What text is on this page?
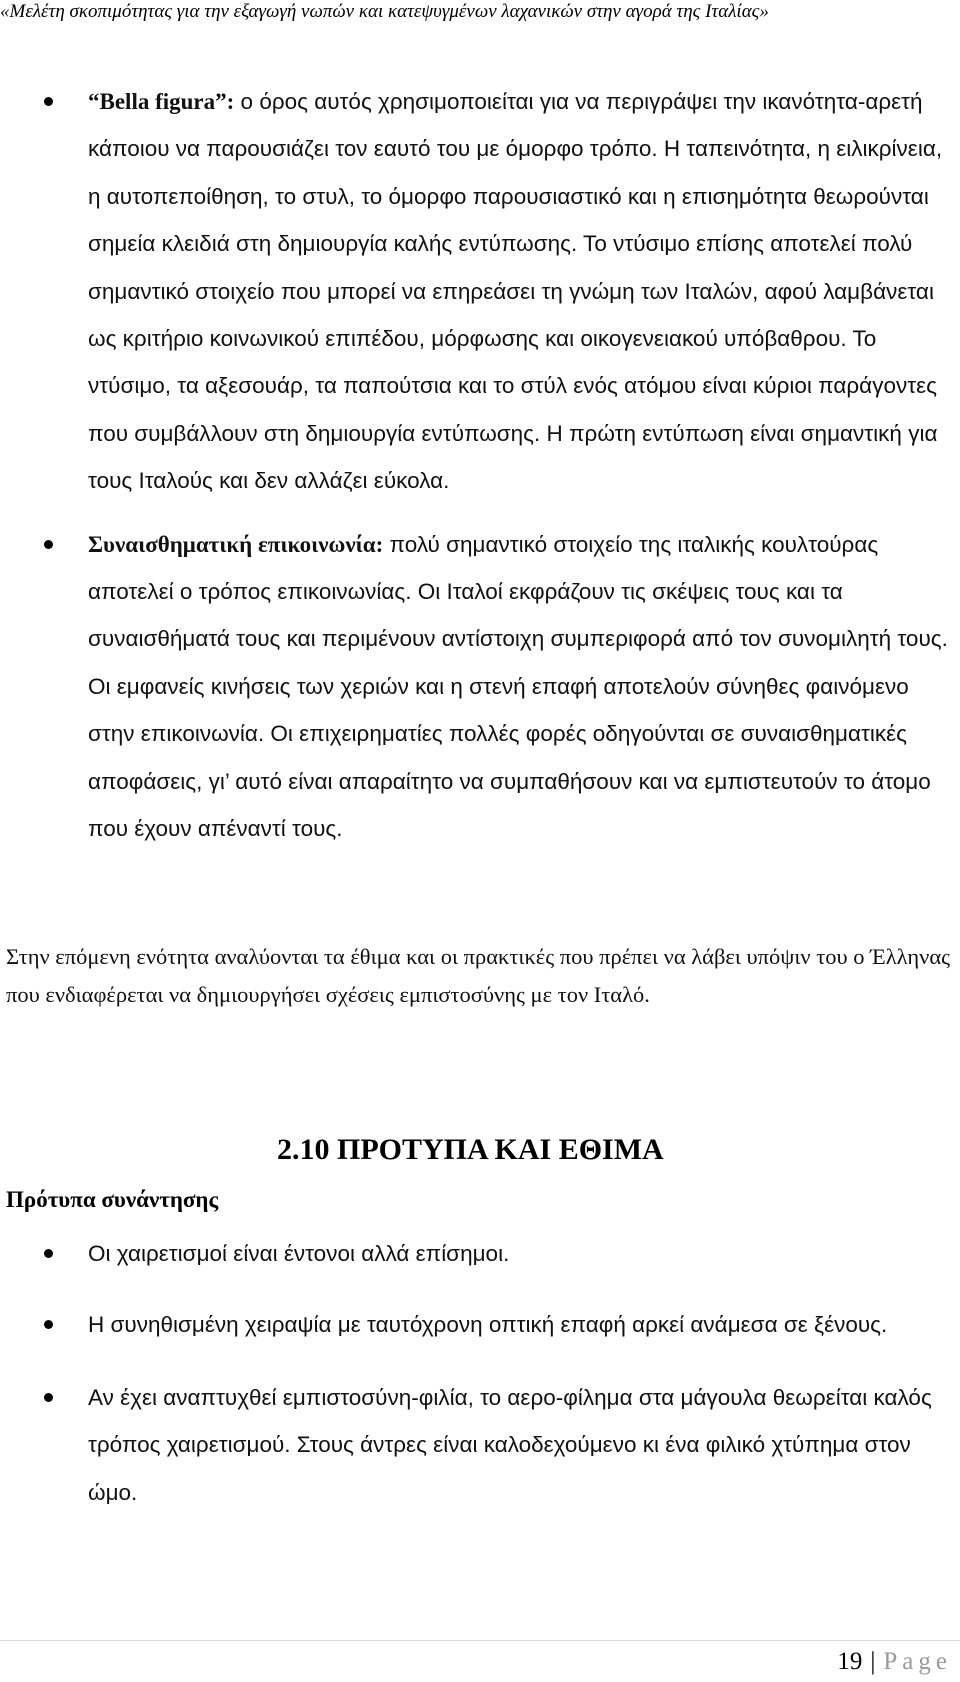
«Μελέτη σκοπιμότητας για την εξαγωγή νωπών και κατεψυγμένων λαχανικών στην αγορά της Ιταλίας»
“Bella figura”: ο όρος αυτός χρησιμοποιείται για να περιγράψει την ικανότητα-αρετή κάποιου να παρουσιάζει τον εαυτό του με όμορφο τρόπο. Η ταπεινότητα, η ειλικρίνεια, η αυτοπεποίθηση, το στυλ, το όμορφο παρουσιαστικό και η επισημότητα θεωρούνται σημεία κλειδιά στη δημιουργία καλής εντύπωσης. Το ντύσιμο επίσης αποτελεί πολύ σημαντικό στοιχείο που μπορεί να επηρεάσει τη γνώμη των Ιταλών, αφού λαμβάνεται ως κριτήριο κοινωνικού επιπέδου, μόρφωσης και οικογενειακού υπόβαθρου. Το ντύσιμο, τα αξεσουάρ, τα παπούτσια και το στύλ ενός ατόμου είναι κύριοι παράγοντες που συμβάλλουν στη δημιουργία εντύπωσης. Η πρώτη εντύπωση είναι σημαντική για τους Ιταλούς και δεν αλλάζει εύκολα.
Συναισθηματική επικοινωνία: πολύ σημαντικό στοιχείο της ιταλικής κουλτούρας αποτελεί ο τρόπος επικοινωνίας. Οι Ιταλοί εκφράζουν τις σκέψεις τους και τα συναισθήματά τους και περιμένουν αντίστοιχη συμπεριφορά από τον συνομιλητή τους. Οι εμφανείς κινήσεις των χεριών και η στενή επαφή αποτελούν σύνηθες φαινόμενο στην επικοινωνία. Οι επιχειρηματίες πολλές φορές οδηγούνται σε συναισθηματικές αποφάσεις, γι’ αυτό είναι απαραίτητο να συμπαθήσουν και να εμπιστευτούν το άτομο που έχουν απέναντί τους.

Στην επόμενη ενότητα αναλύονται τα έθιμα και οι πρακτικές που πρέπει να λάβει υπόψιν του ο Έλληνας που ενδιαφέρεται να δημιουργήσει σχέσεις εμπιστοσύνης με τον Ιταλό.

2.10 ΠΡΟΤΥΠΑ ΚΑΙ ΕΘΙΜΑ
Πρότυπα συνάντησης
Οι χαιρετισμοί είναι έντονοι αλλά επίσημοι.
Η συνηθισμένη χειραψία με ταυτόχρονη οπτική επαφή αρκεί ανάμεσα σε ξένους.
Αν έχει αναπτυχθεί εμπιστοσύνη-φιλία, το αερο-φίλημα στα μάγουλα θεωρείται καλός τρόπος χαιρετισμού. Στους άντρες είναι καλοδεχούμενο κι ένα φιλικό χτύπημα στον ώμο.
19 | Page
